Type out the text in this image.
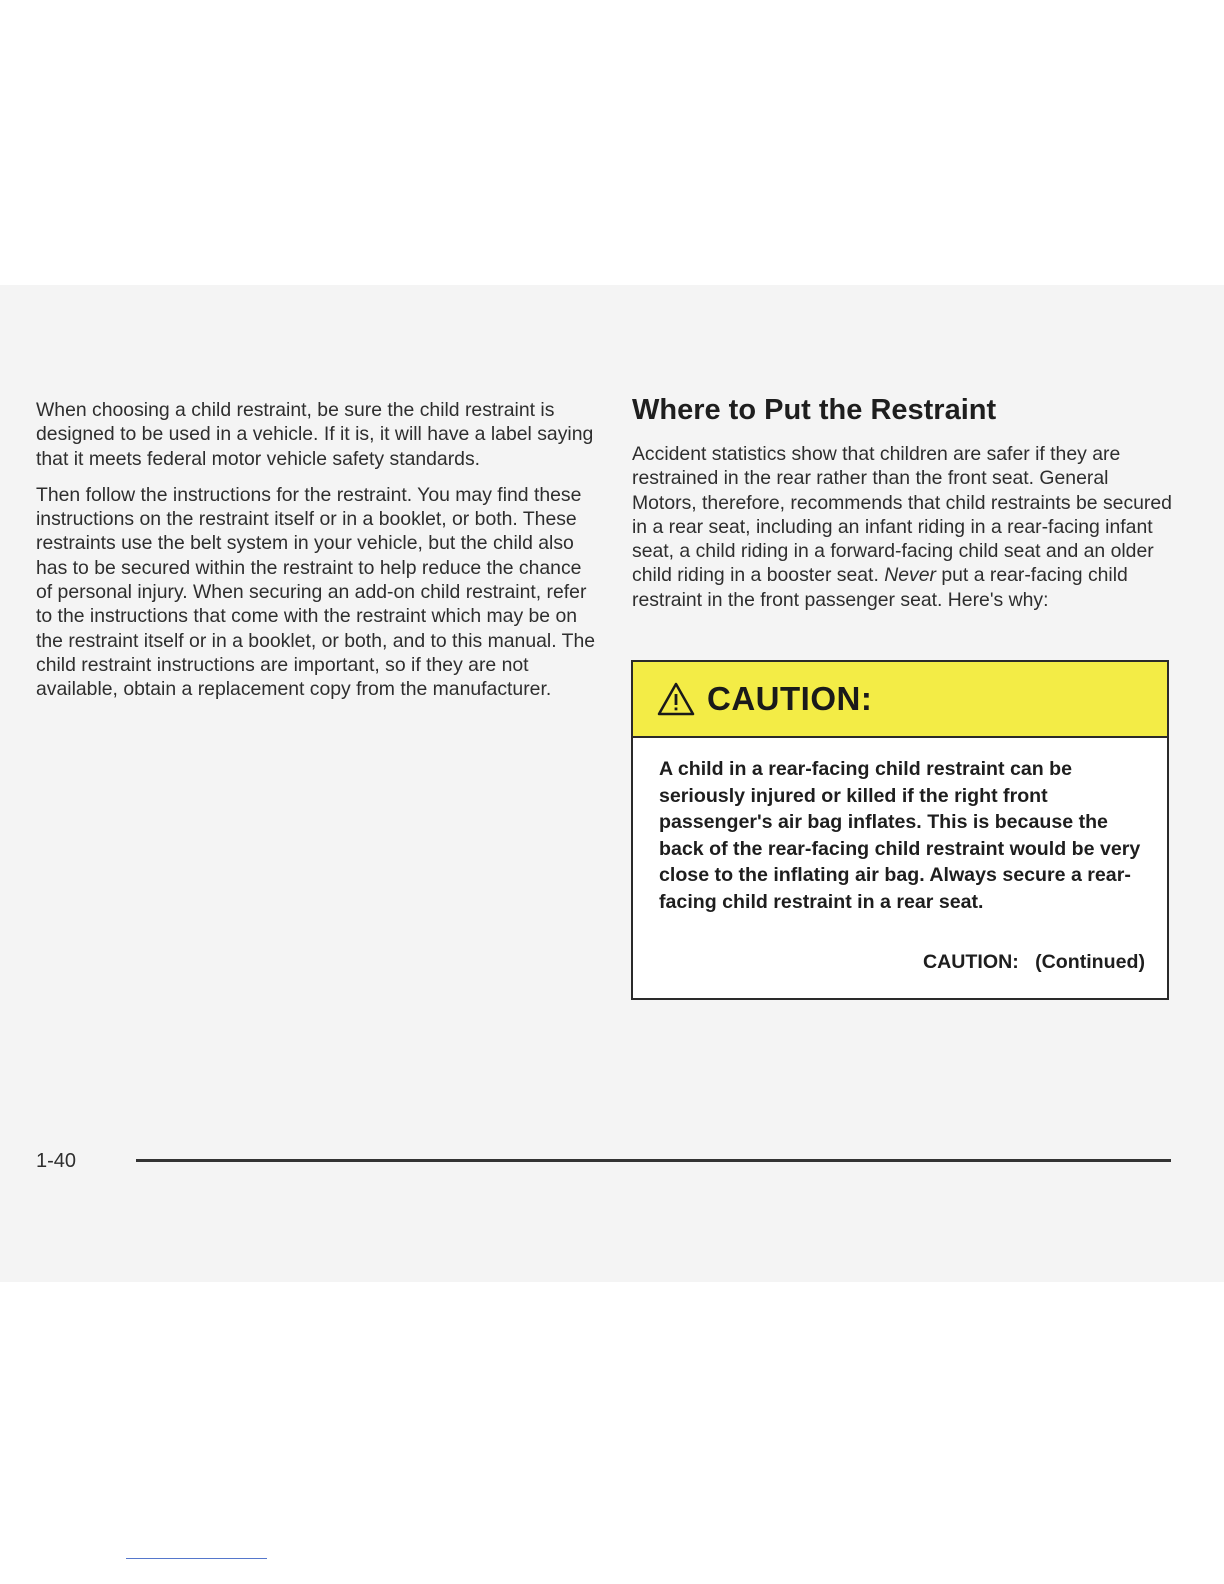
When choosing a child restraint, be sure the child restraint is designed to be used in a vehicle. If it is, it will have a label saying that it meets federal motor vehicle safety standards.

Then follow the instructions for the restraint. You may find these instructions on the restraint itself or in a booklet, or both. These restraints use the belt system in your vehicle, but the child also has to be secured within the restraint to help reduce the chance of personal injury. When securing an add-on child restraint, refer to the instructions that come with the restraint which may be on the restraint itself or in a booklet, or both, and to this manual. The child restraint instructions are important, so if they are not available, obtain a replacement copy from the manufacturer.

Where to Put the Restraint

Accident statistics show that children are safer if they are restrained in the rear rather than the front seat. General Motors, therefore, recommends that child restraints be secured in a rear seat, including an infant riding in a rear-facing infant seat, a child riding in a forward-facing child seat and an older child riding in a booster seat. Never put a rear-facing child restraint in the front passenger seat. Here's why:

CAUTION:
A child in a rear-facing child restraint can be seriously injured or killed if the right front passenger's air bag inflates. This is because the back of the rear-facing child restraint would be very close to the inflating air bag. Always secure a rear-facing child restraint in a rear seat.
CAUTION:   (Continued)
1-40
